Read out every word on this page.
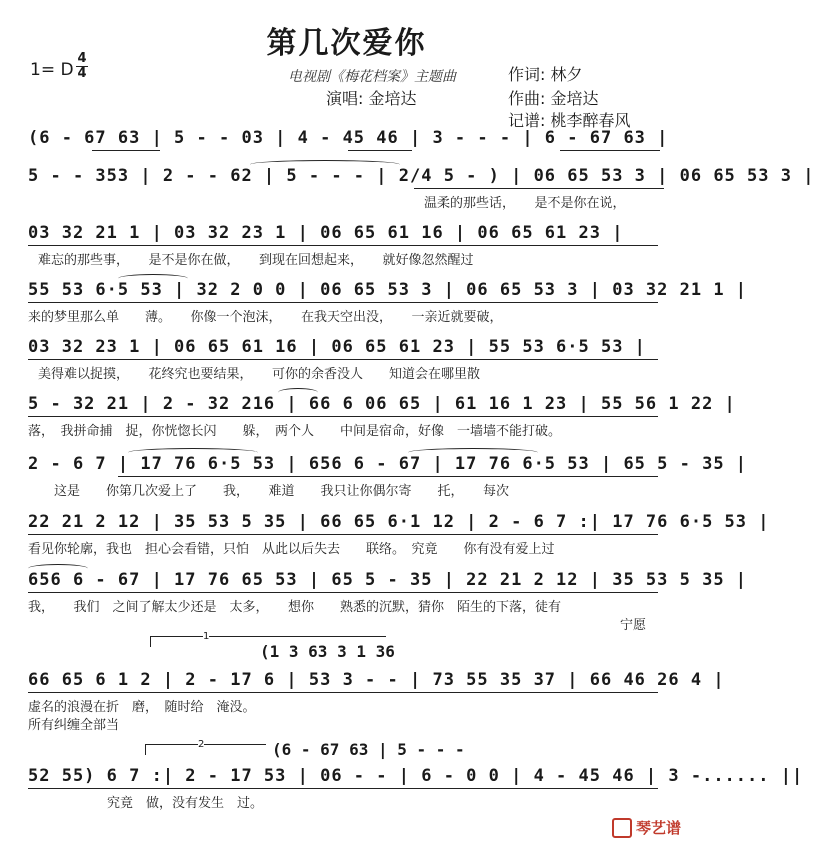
第几次爱你
1= D
4
4	电视剧《梅花档案》主题曲	作词: 林夕
演唱: 金培达	作曲: 金培达
记谱: 桃李醉春风
(6 - 67 63 | 5 - - 03 | 4 - 45 46 | 3 - - - | 6 - 67 63 |
5 - - 353 | 2 - - 62 | 5 - - - | 2/4 5 - ) | 06 65 53 3 | 06 65 53 3 |
温柔的那些话，　　是不是你在说，
03 32 21 1 | 03 32 23 1 | 06 65 61 16 | 06 65 61 23 |
难忘的那些事，　　是不是你在做，　　到现在回想起来，　　就好像忽然醒过
55 53 6·5 53 | 32 2 0 0 | 06 65 53 3 | 06 65 53 3 | 03 32 21 1 |
来的梦里那么单　　薄。　　你像一个泡沫，　　在我天空出没，　　一亲近就要破，
03 32 23 1 | 06 65 61 16 | 06 65 61 23 | 55 53 6·5 53 |
美得难以捉摸，　　花终究也要结果，　　可你的余香没人　　知道会在哪里散
5 - 32 21 | 2 - 32 216 | 66 6 06 65 | 61 16 1 23 | 55 56 1 22 |
落，　我拼命捕　捉，你恍惚长闪　　躲，　两个人　　中间是宿命，好像　一墙墙不能打破。
2 - 6 7 | 17 76 6·5 53 | 656 6 - 67 | 17 76 6·5 53 | 65 5 - 35 |
　　这是　　你第几次爱上了　　我，　　难道　　我只让你偶尔寄　　托，　　每次
22 21 2 12 | 35 53 5 35 | 66 65 6·1 12 | 2 - 6 7 :| 17 76 6·5 53 |
看见你轮廓，我也　担心会看错，只怕　从此以后失去　　联络。　究竟　　你有没有爱上过
656 6 - 67 | 17 76 65 53 | 65 5 - 35 | 22 21 2 12 | 35 53 5 35 |
我，　　我们　之间了解太少还是　太多，　　想你　　熟悉的沉默，猜你　陌生的下落，徒有
宁愿
1
(1 3 63 3 1 36
66 65 6 1 2 | 2 - 17 6 | 53 3 - - | 73 55 35 37 | 66 46 26 4 |
虚名的浪漫在折　磨，　随时给　淹没。
所有纠缠全部当
2	(6 - 67 63 | 5 - - -
52 55) 6 7 :| 2 - 17 53 | 06 - - | 6 - 0 0 | 4 - 45 46 | 3 -...... ||
　　　究竟　做，没有发生　过。
琴艺谱
